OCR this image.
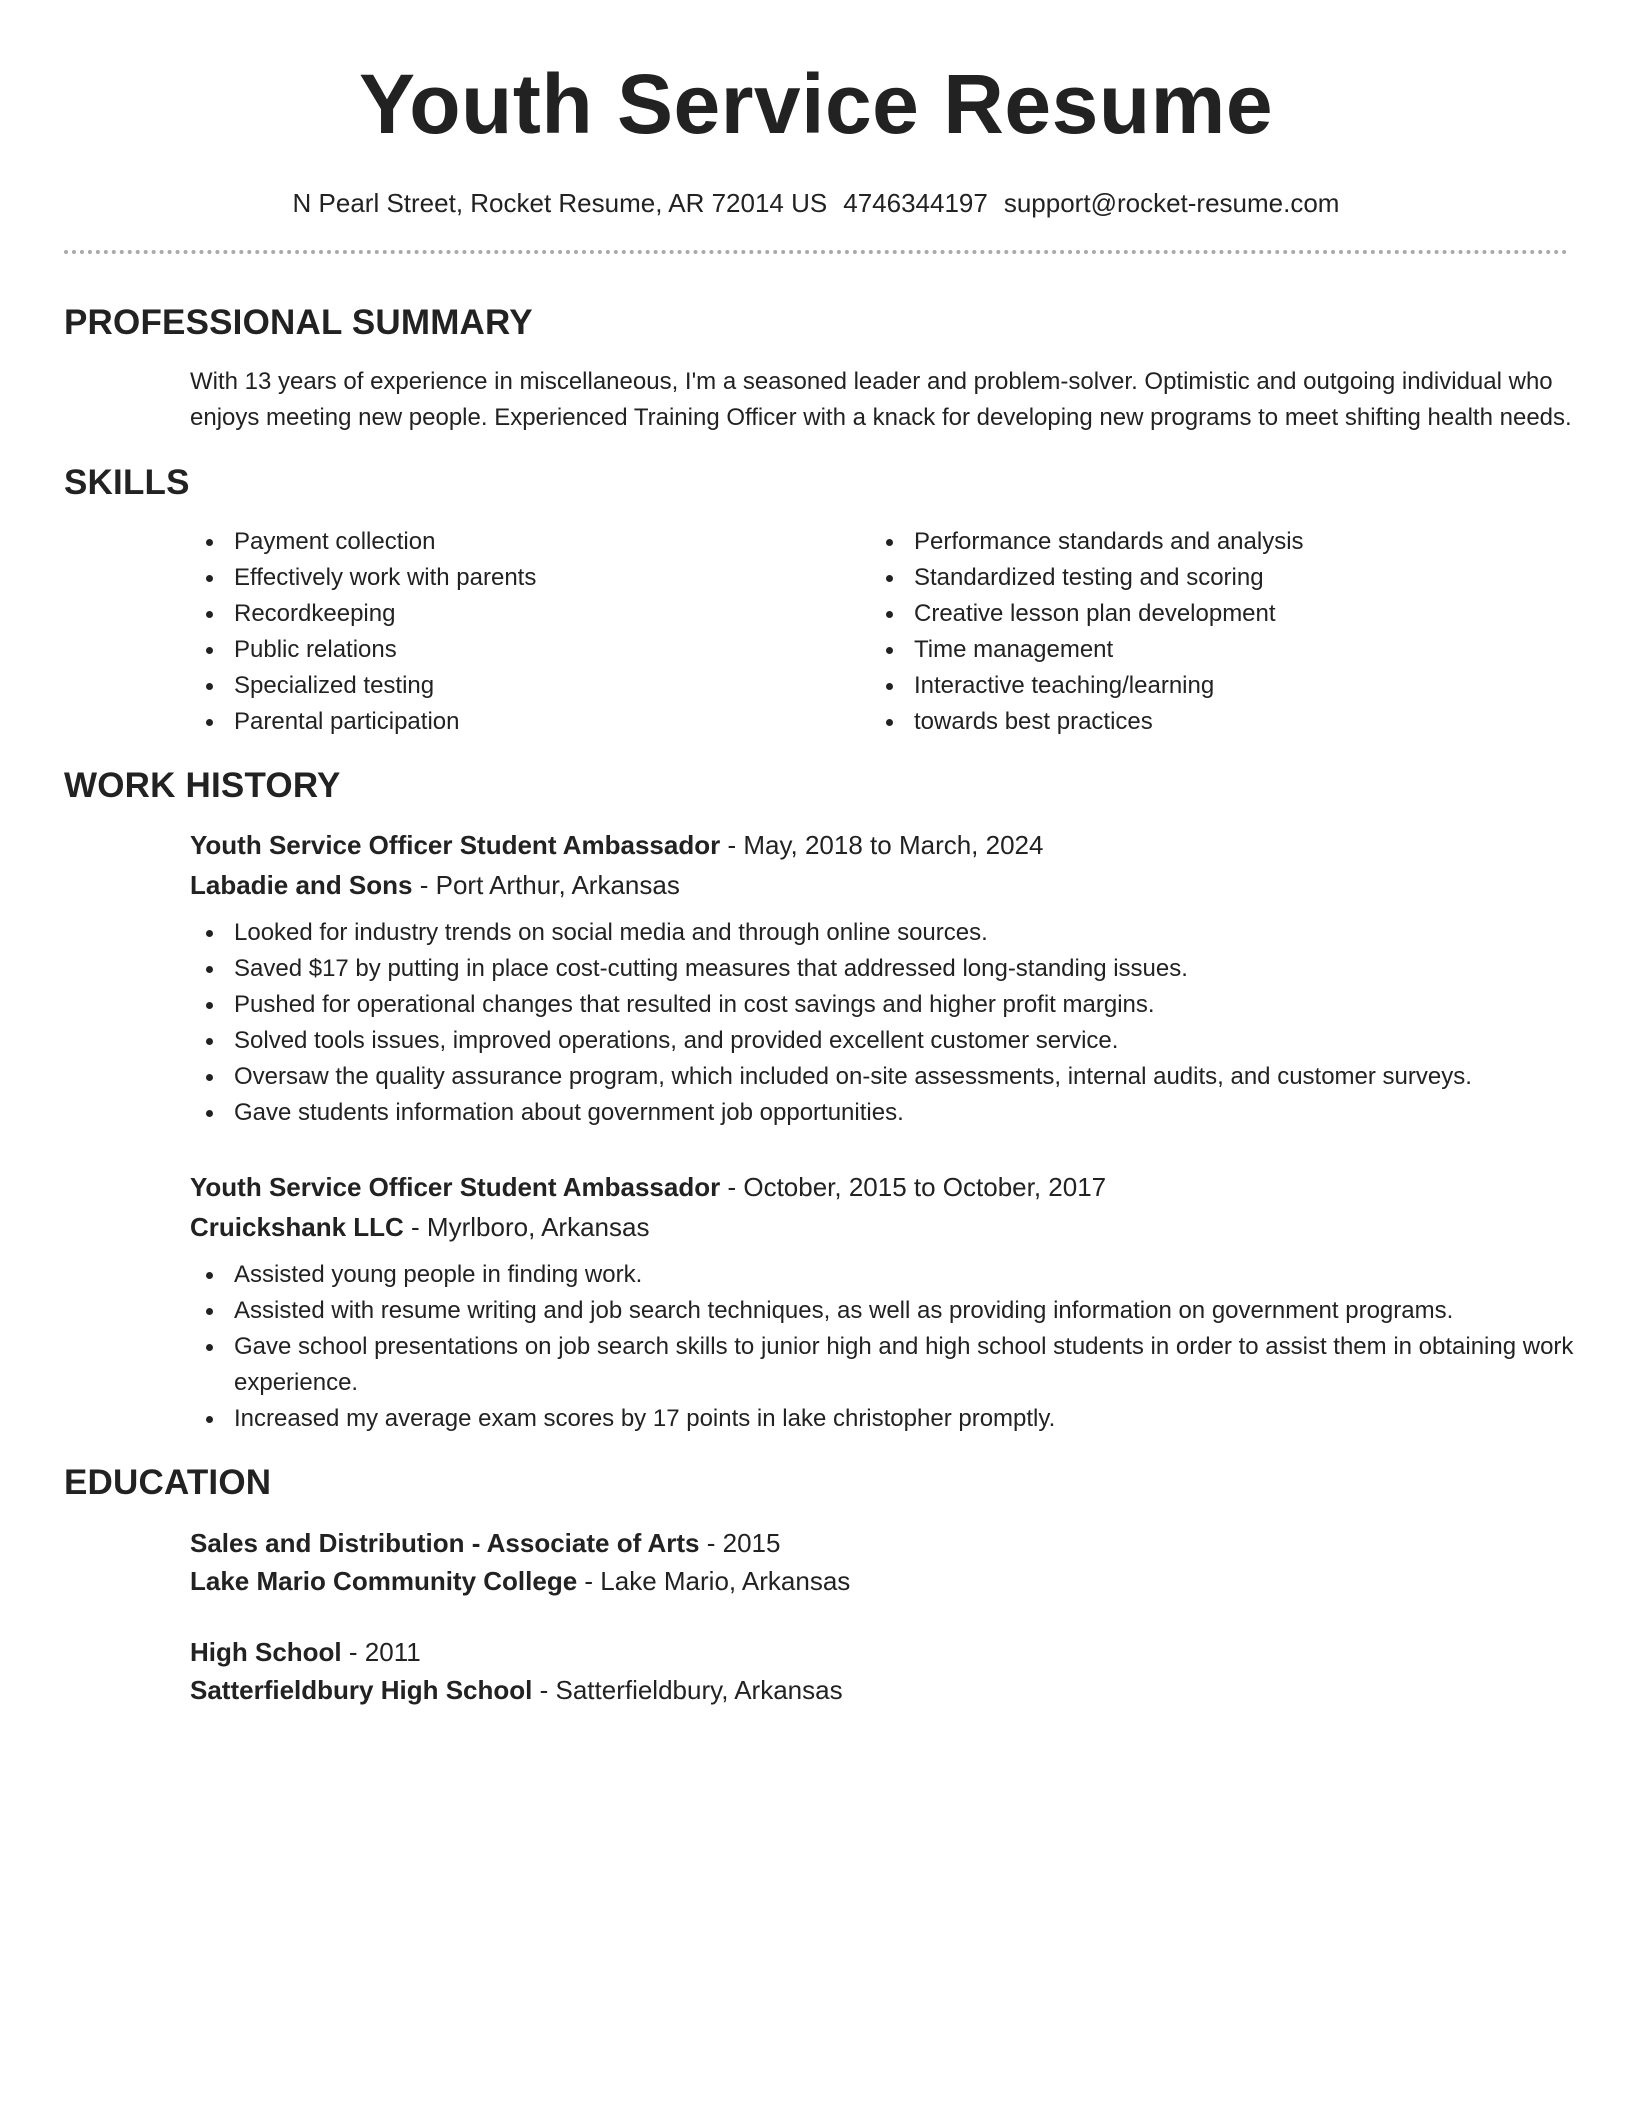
Youth Service Resume
N Pearl Street, Rocket Resume, AR 72014 US 4746344197 support@rocket-resume.com
PROFESSIONAL SUMMARY
With 13 years of experience in miscellaneous, I'm a seasoned leader and problem-solver. Optimistic and outgoing individual who enjoys meeting new people. Experienced Training Officer with a knack for developing new programs to meet shifting health needs.
SKILLS
Payment collection
Effectively work with parents
Recordkeeping
Public relations
Specialized testing
Parental participation
Performance standards and analysis
Standardized testing and scoring
Creative lesson plan development
Time management
Interactive teaching/learning
towards best practices
WORK HISTORY
Youth Service Officer Student Ambassador - May, 2018 to March, 2024
Labadie and Sons - Port Arthur, Arkansas
Looked for industry trends on social media and through online sources.
Saved $17 by putting in place cost-cutting measures that addressed long-standing issues.
Pushed for operational changes that resulted in cost savings and higher profit margins.
Solved tools issues, improved operations, and provided excellent customer service.
Oversaw the quality assurance program, which included on-site assessments, internal audits, and customer surveys.
Gave students information about government job opportunities.
Youth Service Officer Student Ambassador - October, 2015 to October, 2017
Cruickshank LLC - Myrlboro, Arkansas
Assisted young people in finding work.
Assisted with resume writing and job search techniques, as well as providing information on government programs.
Gave school presentations on job search skills to junior high and high school students in order to assist them in obtaining work experience.
Increased my average exam scores by 17 points in lake christopher promptly.
EDUCATION
Sales and Distribution - Associate of Arts - 2015
Lake Mario Community College - Lake Mario, Arkansas
High School - 2011
Satterfieldbury High School - Satterfieldbury, Arkansas
